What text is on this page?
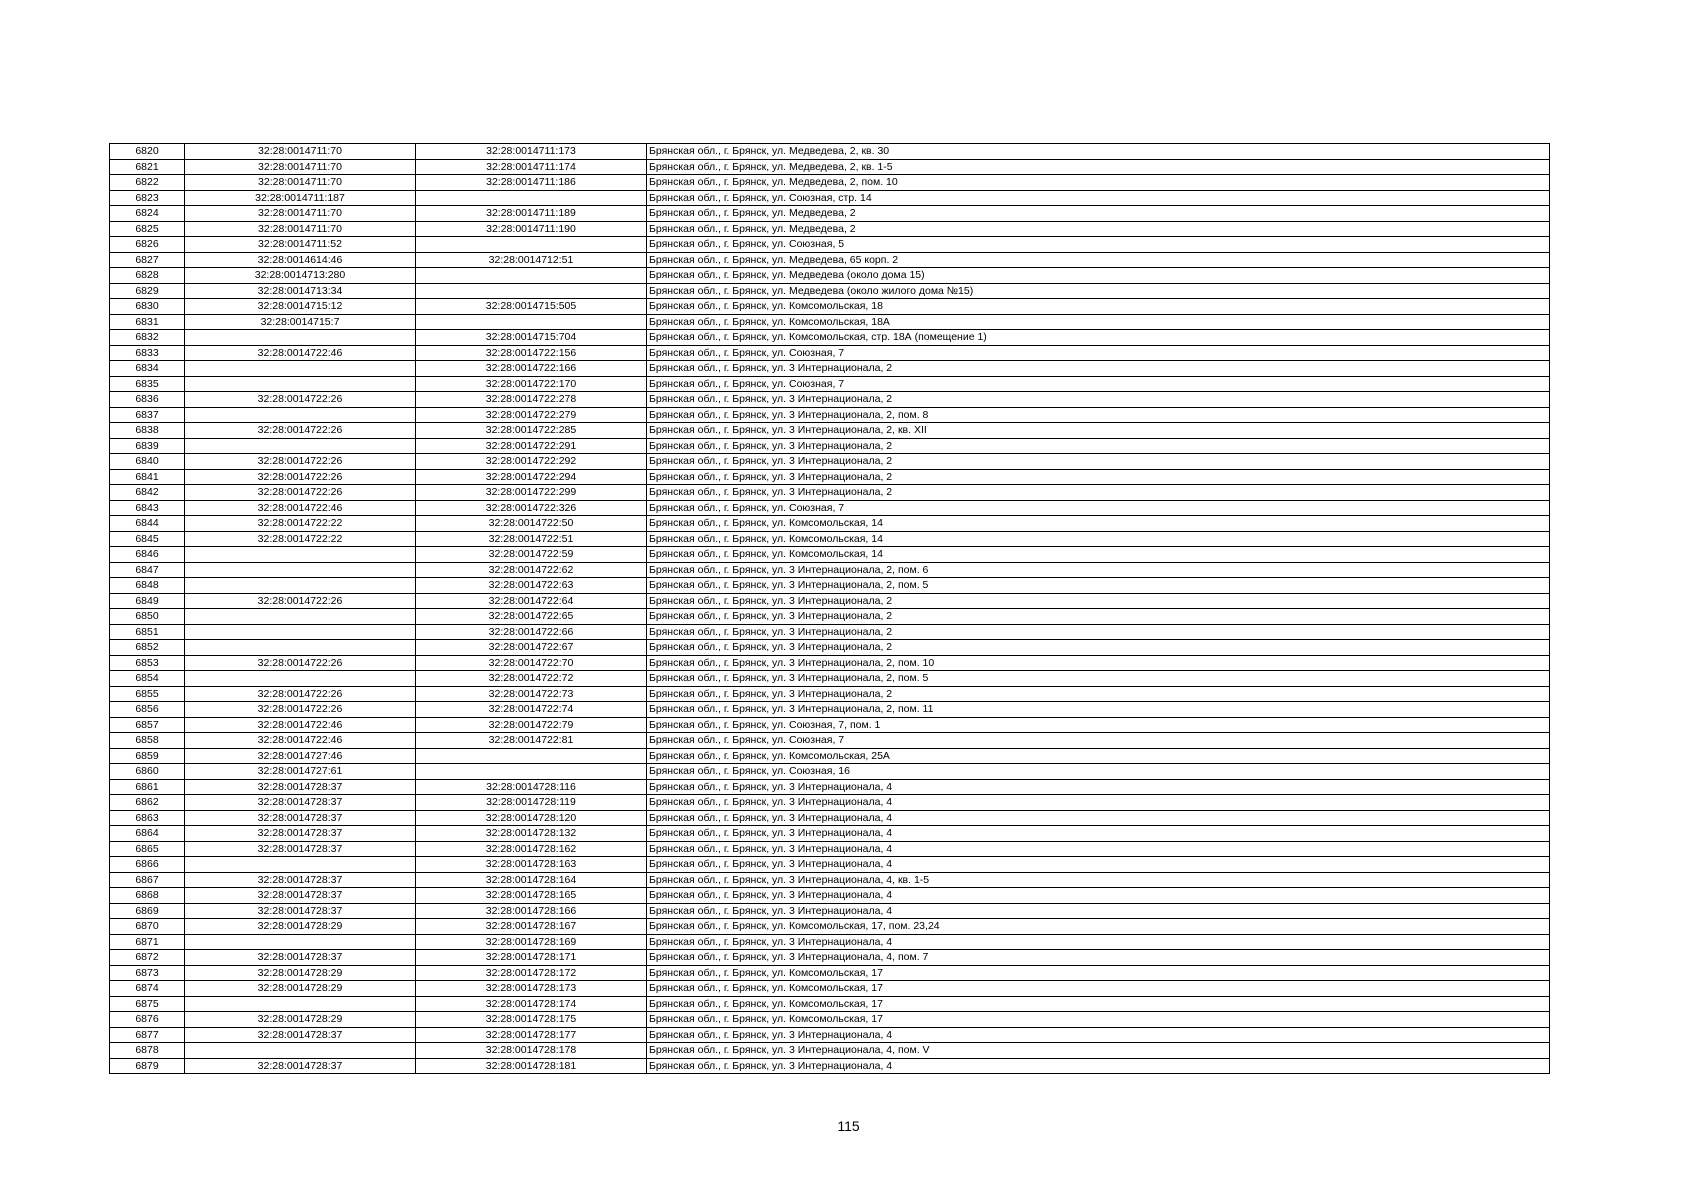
6820	32:28:0014711:70	32:28:0014711:173	Брянская обл., г. Брянск, ул. Медведева, 2, кв. 30
6821	32:28:0014711:70	32:28:0014711:174	Брянская обл., г. Брянск, ул. Медведева, 2, кв. 1-5
6822	32:28:0014711:70	32:28:0014711:186	Брянская обл., г. Брянск, ул. Медведева, 2, пом. 10
6823	32:28:0014711:187		Брянская обл., г. Брянск, ул. Союзная, стр. 14
6824	32:28:0014711:70	32:28:0014711:189	Брянская обл., г. Брянск, ул. Медведева, 2
6825	32:28:0014711:70	32:28:0014711:190	Брянская обл., г. Брянск, ул. Медведева, 2
6826	32:28:0014711:52		Брянская обл., г. Брянск, ул. Союзная, 5
6827	32:28:0014614:46	32:28:0014712:51	Брянская обл., г. Брянск, ул. Медведева, 65 корп. 2
6828	32:28:0014713:280		Брянская обл., г. Брянск, ул. Медведева (около дома 15)
6829	32:28:0014713:34		Брянская обл., г. Брянск, ул. Медведева (около жилого дома №15)
6830	32:28:0014715:12	32:28:0014715:505	Брянская обл., г. Брянск, ул. Комсомольская, 18
6831	32:28:0014715:7		Брянская обл., г. Брянск, ул. Комсомольская, 18А
6832		32:28:0014715:704	Брянская обл., г. Брянск, ул. Комсомольская, стр. 18А (помещение 1)
6833	32:28:0014722:46	32:28:0014722:156	Брянская обл., г. Брянск, ул. Союзная, 7
6834		32:28:0014722:166	Брянская обл., г. Брянск, ул. 3 Интернационала, 2
6835		32:28:0014722:170	Брянская обл., г. Брянск, ул. Союзная, 7
6836	32:28:0014722:26	32:28:0014722:278	Брянская обл., г. Брянск, ул. 3 Интернационала, 2
6837		32:28:0014722:279	Брянская обл., г. Брянск, ул. 3 Интернационала, 2, пом. 8
6838	32:28:0014722:26	32:28:0014722:285	Брянская обл., г. Брянск, ул. 3 Интернационала, 2, кв. XII
6839		32:28:0014722:291	Брянская обл., г. Брянск, ул. 3 Интернационала, 2
6840	32:28:0014722:26	32:28:0014722:292	Брянская обл., г. Брянск, ул. 3 Интернационала, 2
6841	32:28:0014722:26	32:28:0014722:294	Брянская обл., г. Брянск, ул. 3 Интернационала, 2
6842	32:28:0014722:26	32:28:0014722:299	Брянская обл., г. Брянск, ул. 3 Интернационала, 2
6843	32:28:0014722:46	32:28:0014722:326	Брянская обл., г. Брянск, ул. Союзная, 7
6844	32:28:0014722:22	32:28:0014722:50	Брянская обл., г. Брянск, ул. Комсомольская, 14
6845	32:28:0014722:22	32:28:0014722:51	Брянская обл., г. Брянск, ул. Комсомольская, 14
6846		32:28:0014722:59	Брянская обл., г. Брянск, ул. Комсомольская, 14
6847		32:28:0014722:62	Брянская обл., г. Брянск, ул. 3 Интернационала, 2, пом. 6
6848		32:28:0014722:63	Брянская обл., г. Брянск, ул. 3 Интернационала, 2, пом. 5
6849	32:28:0014722:26	32:28:0014722:64	Брянская обл., г. Брянск, ул. 3 Интернационала, 2
6850		32:28:0014722:65	Брянская обл., г. Брянск, ул. 3 Интернационала, 2
6851		32:28:0014722:66	Брянская обл., г. Брянск, ул. 3 Интернационала, 2
6852		32:28:0014722:67	Брянская обл., г. Брянск, ул. 3 Интернационала, 2
6853	32:28:0014722:26	32:28:0014722:70	Брянская обл., г. Брянск, ул. 3 Интернационала, 2, пом. 10
6854		32:28:0014722:72	Брянская обл., г. Брянск, ул. 3 Интернационала, 2, пом. 5
6855	32:28:0014722:26	32:28:0014722:73	Брянская обл., г. Брянск, ул. 3 Интернационала, 2
6856	32:28:0014722:26	32:28:0014722:74	Брянская обл., г. Брянск, ул. 3 Интернационала, 2, пом. 11
6857	32:28:0014722:46	32:28:0014722:79	Брянская обл., г. Брянск, ул. Союзная, 7, пом. 1
6858	32:28:0014722:46	32:28:0014722:81	Брянская обл., г. Брянск, ул. Союзная, 7
6859	32:28:0014727:46		Брянская обл., г. Брянск, ул. Комсомольская, 25А
6860	32:28:0014727:61		Брянская обл., г. Брянск, ул. Союзная, 16
6861	32:28:0014728:37	32:28:0014728:116	Брянская обл., г. Брянск, ул. 3 Интернационала, 4
6862	32:28:0014728:37	32:28:0014728:119	Брянская обл., г. Брянск, ул. 3 Интернационала, 4
6863	32:28:0014728:37	32:28:0014728:120	Брянская обл., г. Брянск, ул. 3 Интернационала, 4
6864	32:28:0014728:37	32:28:0014728:132	Брянская обл., г. Брянск, ул. 3 Интернационала, 4
6865	32:28:0014728:37	32:28:0014728:162	Брянская обл., г. Брянск, ул. 3 Интернационала, 4
6866		32:28:0014728:163	Брянская обл., г. Брянск, ул. 3 Интернационала, 4
6867	32:28:0014728:37	32:28:0014728:164	Брянская обл., г. Брянск, ул. 3 Интернационала, 4, кв. 1-5
6868	32:28:0014728:37	32:28:0014728:165	Брянская обл., г. Брянск, ул. 3 Интернационала, 4
6869	32:28:0014728:37	32:28:0014728:166	Брянская обл., г. Брянск, ул. 3 Интернационала, 4
6870	32:28:0014728:29	32:28:0014728:167	Брянская обл., г. Брянск, ул. Комсомольская, 17, пом. 23,24
6871		32:28:0014728:169	Брянская обл., г. Брянск, ул. 3 Интернационала, 4
6872	32:28:0014728:37	32:28:0014728:171	Брянская обл., г. Брянск, ул. 3 Интернационала, 4, пом. 7
6873	32:28:0014728:29	32:28:0014728:172	Брянская обл., г. Брянск, ул. Комсомольская, 17
6874	32:28:0014728:29	32:28:0014728:173	Брянская обл., г. Брянск, ул. Комсомольская, 17
6875		32:28:0014728:174	Брянская обл., г. Брянск, ул. Комсомольская, 17
6876	32:28:0014728:29	32:28:0014728:175	Брянская обл., г. Брянск, ул. Комсомольская, 17
6877	32:28:0014728:37	32:28:0014728:177	Брянская обл., г. Брянск, ул. 3 Интернационала, 4
6878		32:28:0014728:178	Брянская обл., г. Брянск, ул. 3 Интернационала, 4, пом. V
6879	32:28:0014728:37	32:28:0014728:181	Брянская обл., г. Брянск, ул. 3 Интернационала, 4
115
